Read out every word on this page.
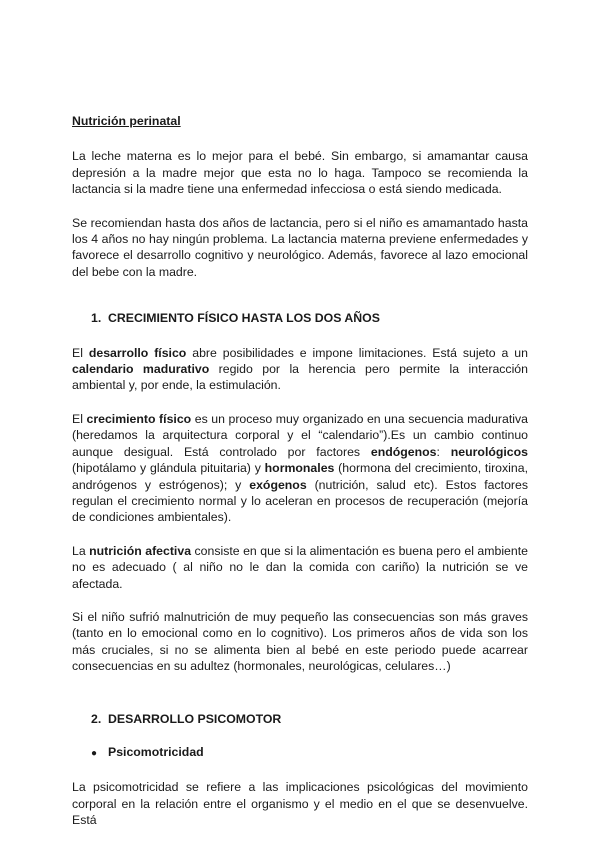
Nutrición perinatal

La leche materna es lo mejor para el bebé. Sin embargo, si amamantar causa depresión a la madre mejor que esta no lo haga. Tampoco se recomienda la lactancia si la madre tiene una enfermedad infecciosa o está siendo medicada.

Se recomiendan hasta dos años de lactancia, pero si el niño es amamantado hasta los 4 años no hay ningún problema. La lactancia materna previene enfermedades y favorece el desarrollo cognitivo y neurológico. Además, favorece al lazo emocional del bebe con la madre.

1. CRECIMIENTO FÍSICO HASTA LOS DOS AÑOS

El desarrollo físico abre posibilidades e impone limitaciones. Está sujeto a un calendario madurativo regido por la herencia pero permite la interacción ambiental y, por ende, la estimulación.

El crecimiento físico es un proceso muy organizado en una secuencia madurativa (heredamos la arquitectura corporal y el “calendario”).Es un cambio continuo aunque desigual. Está controlado por factores endógenos: neurológicos (hipotálamo y glándula pituitaria) y hormonales (hormona del crecimiento, tiroxina, andrógenos y estrógenos); y exógenos (nutrición, salud etc). Estos factores regulan el crecimiento normal y lo aceleran en procesos de recuperación (mejoría de condiciones ambientales).

La nutrición afectiva consiste en que si la alimentación es buena pero el ambiente no es adecuado ( al niño no le dan la comida con cariño) la nutrición se ve afectada.

Si el niño sufrió malnutrición de muy pequeño las consecuencias son más graves (tanto en lo emocional como en lo cognitivo). Los primeros años de vida son los más cruciales, si no se alimenta bien al bebé en este periodo puede acarrear consecuencias en su adultez (hormonales, neurológicas, celulares…)

2. DESARROLLO PSICOMOTOR

● Psicomotricidad

La psicomotricidad se refiere a las implicaciones psicológicas del movimiento corporal en la relación entre el organismo y el medio en el que se desenvuelve. Está
